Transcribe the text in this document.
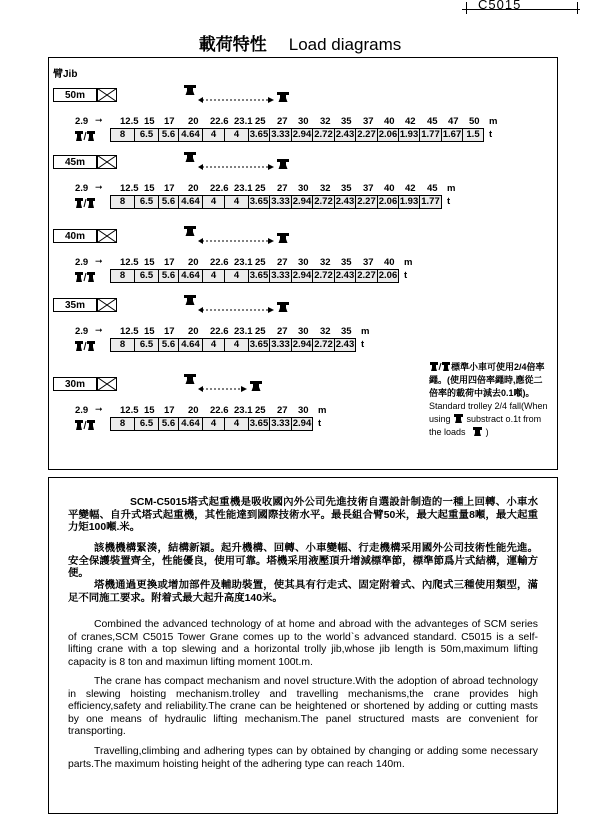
C5015
載荷特性 Load diagrams
臂Jib
50m
2.9 ➞ 12.5 15 17 20 22.6 23.1 25 27 30 32 35 37 40 42 45 47 50 m
8	6.5 5.6 4.64	4	4	3.65 3.33 2.94 2.72 2.43 2.27 2.06 1.93 1.77 1.67 1.5 t
45m
2.9 ➞ 12.5 15 17 20 22.6 23.1 25 27 30 32 35 37 40 42 45 m
8	6.5 5.6 4.64	4	4	3.65 3.33 2.94 2.72 2.43 2.27 2.06 1.93 1.77 t
40m
2.9 ➞ 12.5 15 17 20 22.6 23.1 25 27 30 32 35 37 40 m
8	6.5 5.6 4.64	4	4	3.65 3.33 2.94 2.72 2.43 2.27 2.06 t
35m
2.9 ➞ 12.5 15 17 20 22.6 23.1 25 27 30 32 35 m
8	6.5 5.6 4.64	4	4	3.65 3.33 2.94 2.72 2.43 t
30m
2.9 ➞ 12.5 15 17 20 22.6 23.1 25 27 30 m
8	6.5 5.6 4.64	4	4	3.65 3.33 2.94 t
標準小車可使用2/4倍率繩。(使用四倍率繩時,應從二倍率的載荷中減去0.1噸)。
Standard trolley 2/4 fall(When using substract o.1t from the loads )
SCM-C5015塔式起重機是吸收國內外公司先進技術自選設計制造的一種上回轉、小車水平變幅、自升式塔式起重機，其性能達到國際技術水平。最長組合臂50米，最大起重量8噸，最大起重力矩100噸.米。
該機機構緊湊，結構新穎。起升機構、回轉、小車變幅、行走機構采用國外公司技術性能先進。安全保護裝置齊全，性能優良，使用可靠。塔機采用液壓頂升增減標準節，標準節爲片式結構，運輸方便。
塔機通過更換或增加部件及輔助裝置，使其具有行走式、固定附着式、內爬式三種使用類型，滿足不同施工要求。附着式最大起升高度140米。
Combined the advanced technology of at home and abroad with the advanteges of SCM series of cranes,SCM C5015 Tower Grane comes up to the world`s advanced standard. C5015 is a self-lifting crane with a top slewing and a horizontal trolly jib,whose jib length is 50m,maximum lifting capacity is 8 ton and maximun lifting moment 100t.m.
The crane has compact mechanism and novel structure.With the adoption of abroad technology in slewing hoisting mechanism.trolley and travelling mechanisms,the crane provides high efficiency,safety and reliability.The crane can be heightened or shortened by adding or cutting masts by one means of hydraulic lifting mechanism.The panel structured masts are convenient for transporting.
Travelling,climbing and adhering types can by obtained by changing or adding some necessary parts.The maximum hoisting height of the adhering type can reach 140m.
